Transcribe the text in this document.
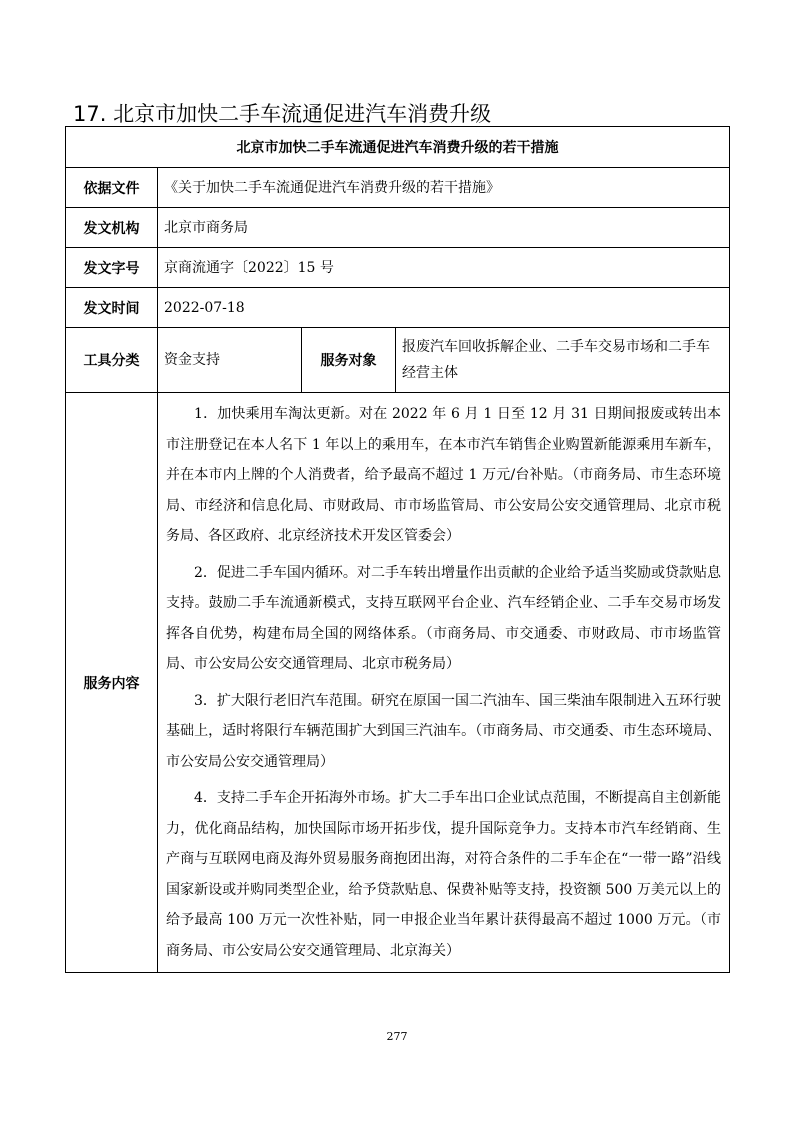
17. 北京市加快二手车流通促进汽车消费升级
北京市加快二手车流通促进汽车消费升级的若干措施			
依据文件	《关于加快二手车流通促进汽车消费升级的若干措施》		
发文机构	北京市商务局		
发文字号	京商流通字〔2022〕15 号		
发文时间	2022-07-18		
工具分类	资金支持	服务对象	报废汽车回收拆解企业、二手车交易市场和二手车经营主体
服务内容	1．加快乘用车淘汰更新。对在 2022 年 6 月 1 日至 12 月 31 日期间报废或转出本市注册登记在本人名下 1 年以上的乘用车，在本市汽车销售企业购置新能源乘用车新车，并在本市内上牌的个人消费者，给予最高不超过 1 万元/台补贴。（市商务局、市生态环境局、市经济和信息化局、市财政局、市市场监管局、市公安局公安交通管理局、北京市税务局、各区政府、北京经济技术开发区管委会）

2．促进二手车国内循环。对二手车转出增量作出贡献的企业给予适当奖励或贷款贴息支持。鼓励二手车流通新模式，支持互联网平台企业、汽车经销企业、二手车交易市场发挥各自优势，构建布局全国的网络体系。（市商务局、市交通委、市财政局、市市场监管局、市公安局公安交通管理局、北京市税务局）

3．扩大限行老旧汽车范围。研究在原国一国二汽油车、国三柴油车限制进入五环行驶基础上，适时将限行车辆范围扩大到国三汽油车。（市商务局、市交通委、市生态环境局、市公安局公安交通管理局）

4．支持二手车企开拓海外市场。扩大二手车出口企业试点范围，不断提高自主创新能力，优化商品结构，加快国际市场开拓步伐，提升国际竞争力。支持本市汽车经销商、生产商与互联网电商及海外贸易服务商抱团出海，对符合条件的二手车企在“一带一路”沿线国家新设或并购同类型企业，给予贷款贴息、保费补贴等支持，投资额 500 万美元以上的给予最高 100 万元一次性补贴，同一申报企业当年累计获得最高不超过 1000 万元。（市商务局、市公安局公安交通管理局、北京海关）		

277
